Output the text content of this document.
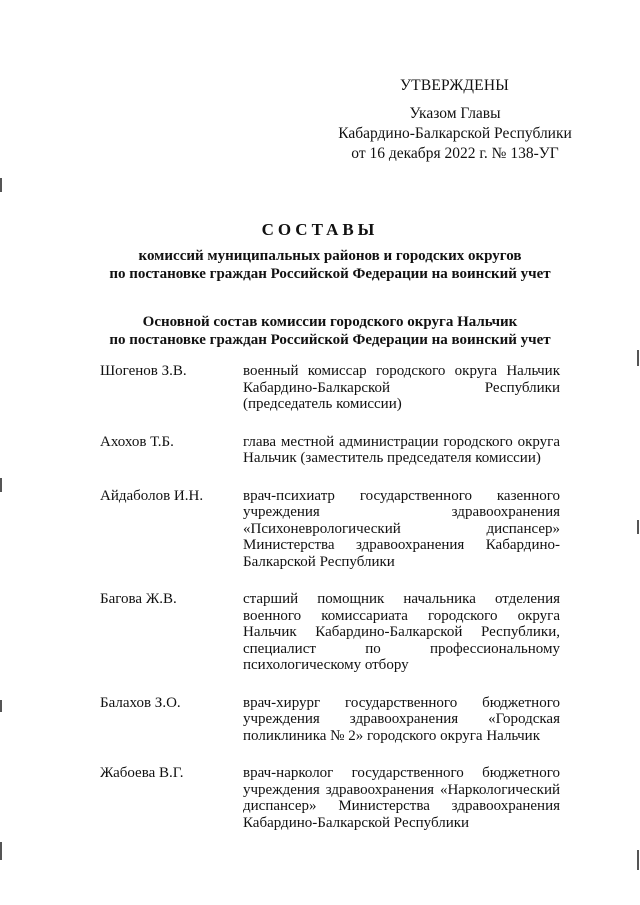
УТВЕРЖДЕНЫ
Указом Главы
Кабардино-Балкарской Республики
от 16 декабря 2022 г. № 138-УГ
СОСТАВЫ
комиссий муниципальных районов и городских округов
по постановке граждан Российской Федерации на воинский учет
Основной состав комиссии городского округа Нальчик
по постановке граждан Российской Федерации на воинский учет
Шогенов З.В.	военный комиссар городского округа Нальчик Кабардино-Балкарской Республики (председатель комиссии)
Ахохов Т.Б.	глава местной администрации городского округа Нальчик (заместитель председателя комиссии)
Айдаболов И.Н.	врач-психиатр государственного казенного учреждения здравоохранения «Психоневрологический диспансер» Министерства здравоохранения Кабардино-Балкарской Республики
Багова Ж.В.	старший помощник начальника отделения военного комиссариата городского округа Нальчик Кабардино-Балкарской Республики, специалист по профессиональному психологическому отбору
Балахов З.О.	врач-хирург государственного бюджетного учреждения здравоохранения «Городская поликлиника № 2» городского округа Нальчик
Жабоева В.Г.	врач-нарколог государственного бюджетного учреждения здравоохранения «Наркологический диспансер» Министерства здравоохранения Кабардино-Балкарской Республики
